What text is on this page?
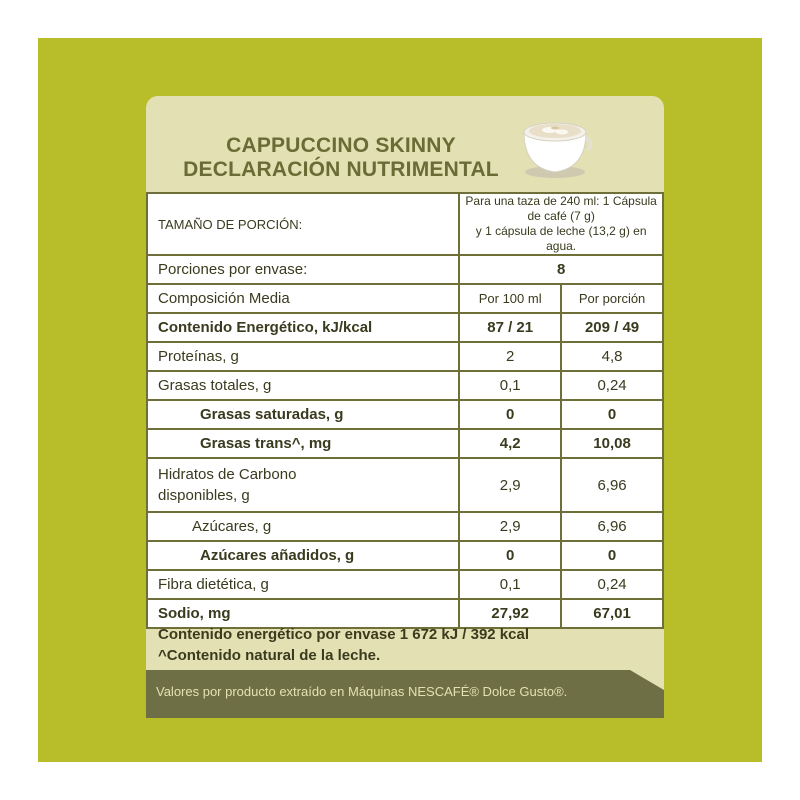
CAPPUCCINO SKINNY
DECLARACIÓN NUTRIMENTAL
TAMAÑO DE PORCIÓN:	Para una taza de 240 ml: 1 Cápsula de café (7 g)
y 1 cápsula de leche (13,2 g) en agua.	
Porciones por envase:	8	
Composición Media	Por 100 ml	Por porción
Contenido Energético, kJ/kcal	87 / 21	209 / 49
Proteínas, g	2	4,8
Grasas totales, g	0,1	0,24
Grasas saturadas, g	0	0
Grasas trans^, mg	4,2	10,08
Hidratos de Carbono
disponibles, g	2,9	6,96
Azúcares, g	2,9	6,96
Azúcares añadidos, g	0	0
Fibra dietética, g	0,1	0,24
Sodio, mg	27,92	67,01
Contenido energético por envase 1 672 kJ / 392 kcal
^Contenido natural de la leche.
Valores por producto extraído en Máquinas NESCAFÉ® Dolce Gusto®.
